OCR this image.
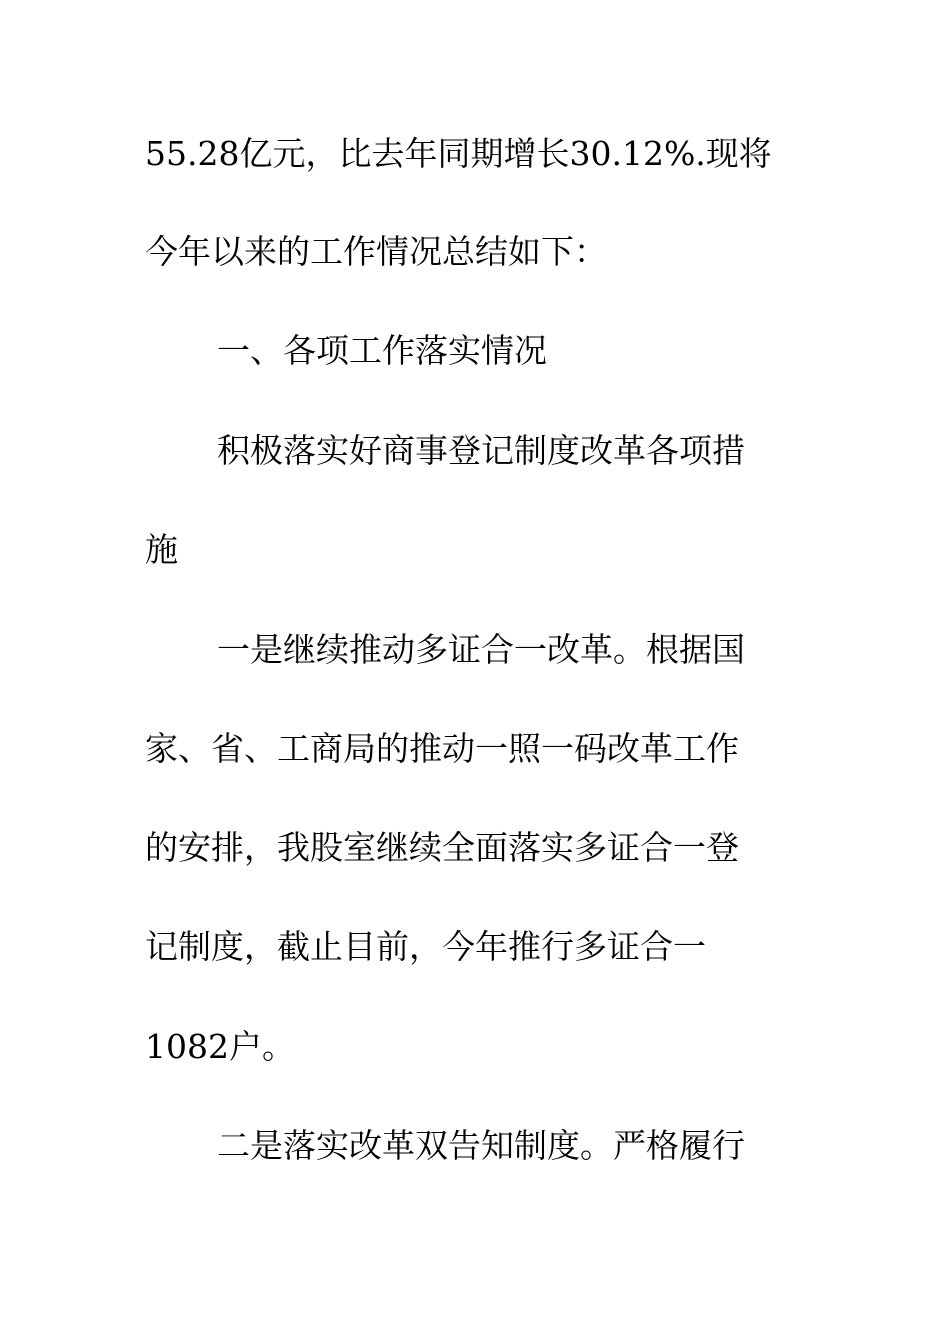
55.28亿元，比去年同期增长30.12%.现将
今年以来的工作情况总结如下：
一、各项工作落实情况
积极落实好商事登记制度改革各项措
施
一是继续推动多证合一改革。根据国
家、省、工商局的推动一照一码改革工作
的安排，我股室继续全面落实多证合一登
记制度，截止目前，今年推行多证合一
1082户。
二是落实改革双告知制度。严格履行
